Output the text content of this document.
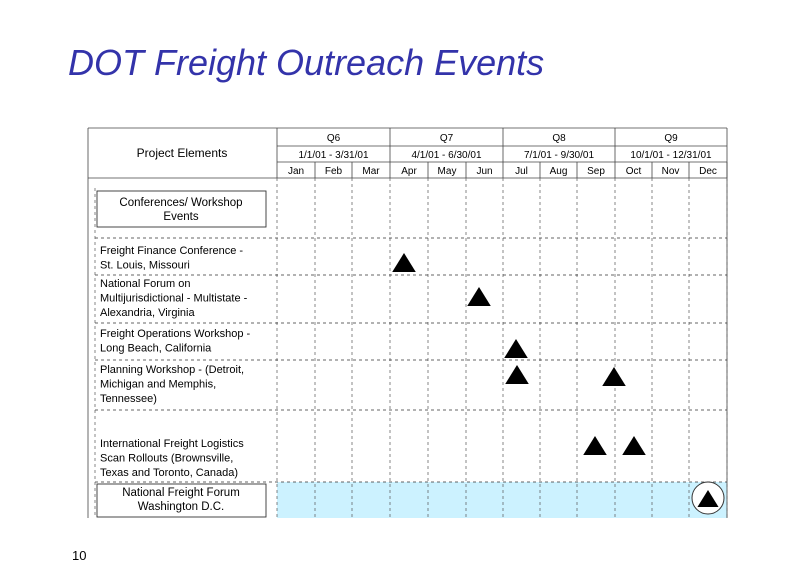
DOT Freight Outreach Events
Q6
1/1/01 - 3/31/01
Jan Feb Mar
Q7
4/1/01 - 6/30/01
Apr May Jun
Q8
7/1/01 - 9/30/01
Jul Aug Sep
Q9
10/1/01 - 12/31/01
Oct Nov Dec
Project Elements
Conferences/ Workshop
Events
Freight Finance Conference -
St. Louis, Missouri
National Forum on
Multijurisdictional - Multistate -
Alexandria, Virginia
Freight Operations Workshop -
Long Beach, California
Planning Workshop - (Detroit,
Michigan and Memphis,
Tennessee)
International Freight Logistics
Scan Rollouts (Brownsville,
Texas and Toronto, Canada)
National Freight Forum
Washington D.C.
10
